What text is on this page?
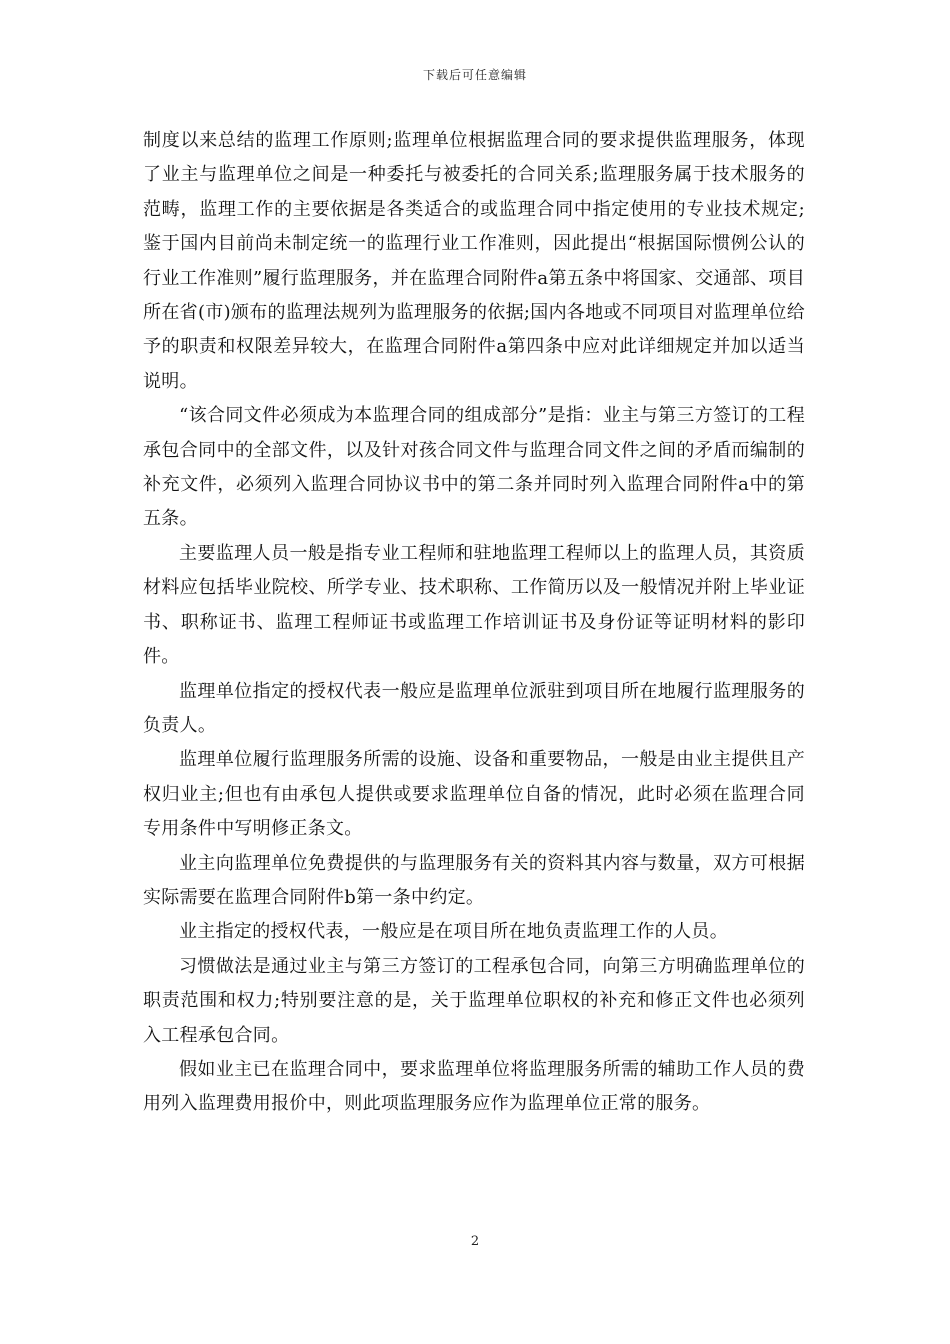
下载后可任意编辑

制度以来总结的监理工作原则;监理单位根据监理合同的要求提供监理服务，体现了业主与监理单位之间是一种委托与被委托的合同关系;监理服务属于技术服务的范畴，监理工作的主要依据是各类适合的或监理合同中指定使用的专业技术规定;鉴于国内目前尚未制定统一的监理行业工作准则，因此提出“根据国际惯例公认的行业工作准则”履行监理服务，并在监理合同附件a第五条中将国家、交通部、项目所在省(市)颁布的监理法规列为监理服务的依据;国内各地或不同项目对监理单位给予的职责和权限差异较大，在监理合同附件a第四条中应对此详细规定并加以适当说明。

“该合同文件必须成为本监理合同的组成部分”是指：业主与第三方签订的工程承包合同中的全部文件，以及针对孩合同文件与监理合同文件之间的矛盾而编制的补充文件，必须列入监理合同协议书中的第二条并同时列入监理合同附件a中的第五条。

主要监理人员一般是指专业工程师和驻地监理工程师以上的监理人员，其资质材料应包括毕业院校、所学专业、技术职称、工作简历以及一般情况并附上毕业证书、职称证书、监理工程师证书或监理工作培训证书及身份证等证明材料的影印件。

监理单位指定的授权代表一般应是监理单位派驻到项目所在地履行监理服务的负责人。

监理单位履行监理服务所需的设施、设备和重要物品，一般是由业主提供且产权归业主;但也有由承包人提供或要求监理单位自备的情况，此时必须在监理合同专用条件中写明修正条文。

业主向监理单位免费提供的与监理服务有关的资料其内容与数量，双方可根据实际需要在监理合同附件b第一条中约定。

业主指定的授权代表，一般应是在项目所在地负责监理工作的人员。

习惯做法是通过业主与第三方签订的工程承包合同，向第三方明确监理单位的职责范围和权力;特别要注意的是，关于监理单位职权的补充和修正文件也必须列入工程承包合同。

假如业主已在监理合同中，要求监理单位将监理服务所需的辅助工作人员的费用列入监理费用报价中，则此项监理服务应作为监理单位正常的服务。

2
